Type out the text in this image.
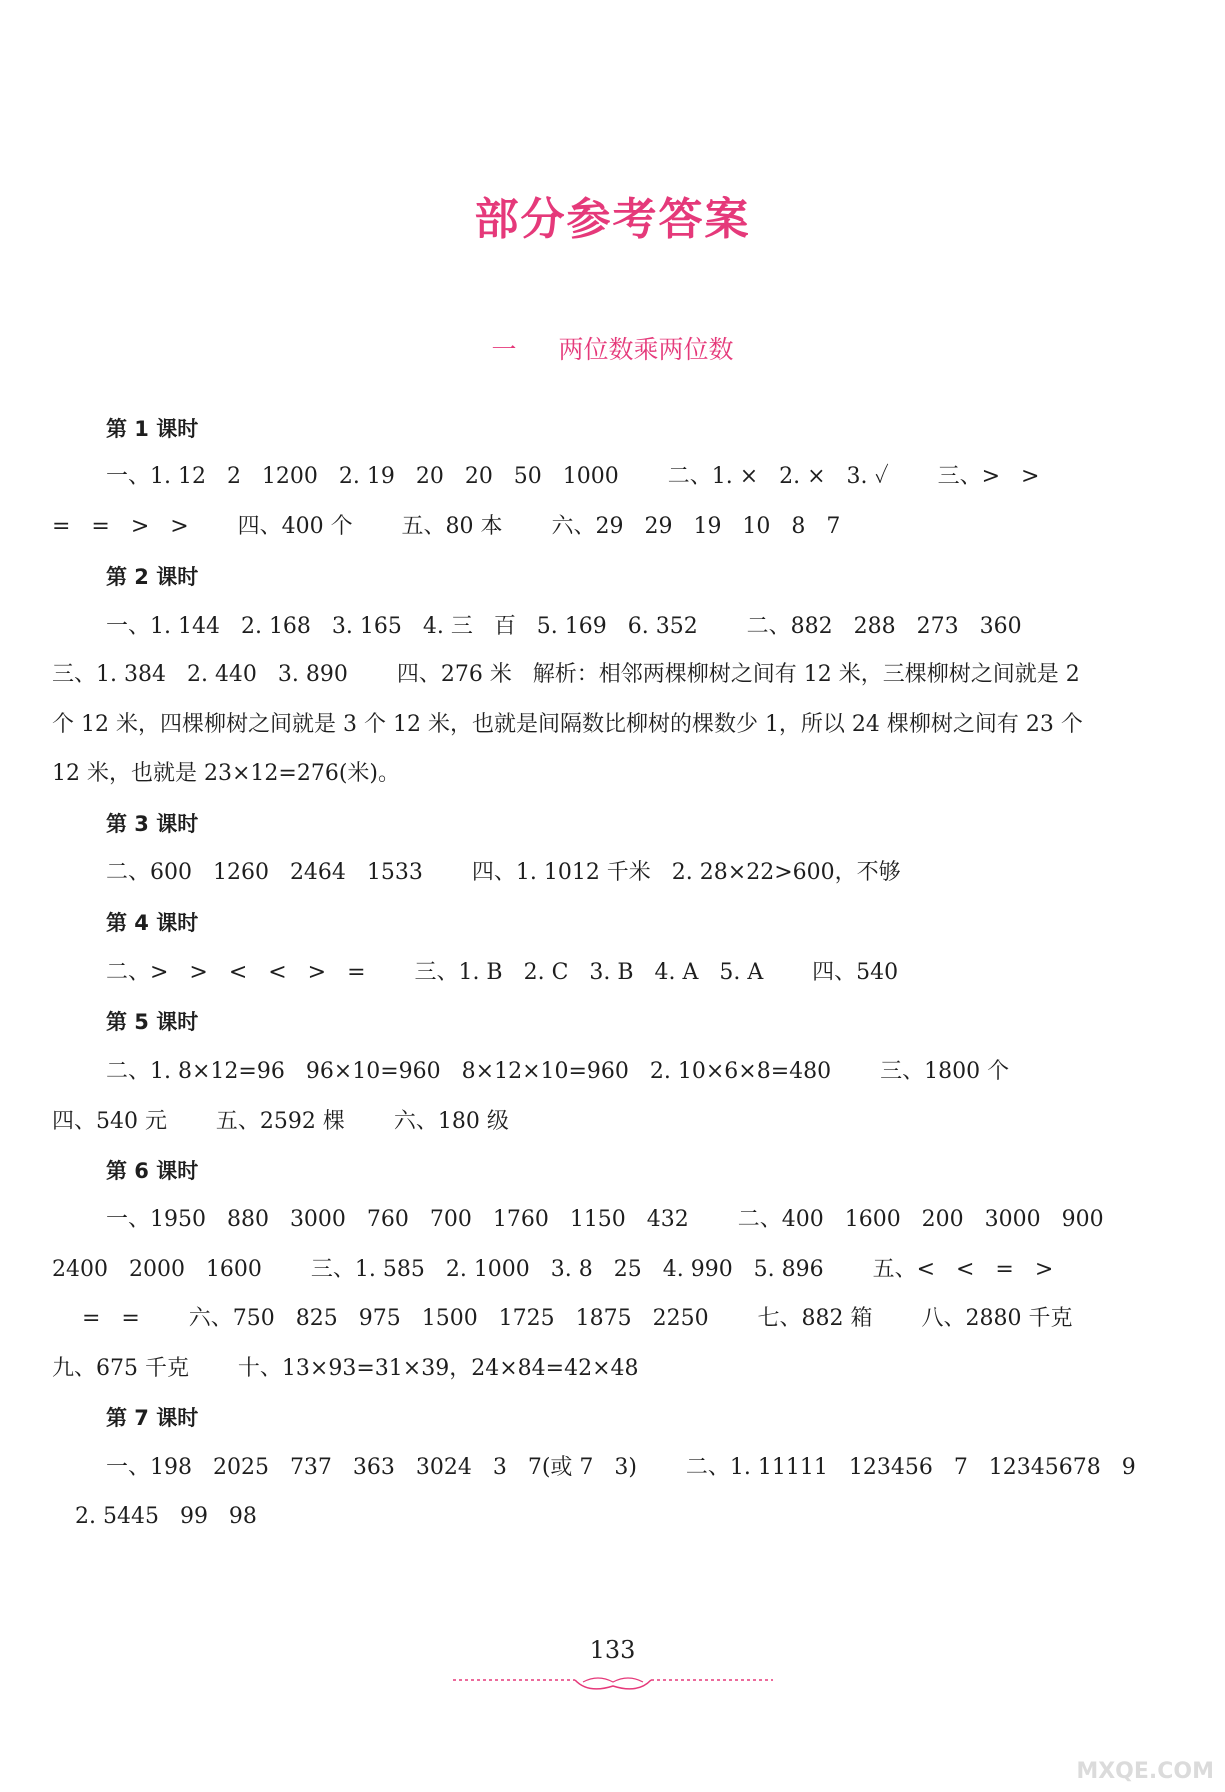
部分参考答案
一 两位数乘两位数
第 1 课时
一、1. 12   2   1200   2. 19   20   20   50   1000       二、1. ×   2. ×   3. ✓       三、>   >
=   =   >   >       四、400 个       五、80 本       六、29   29   19   10   8   7
第 2 课时
一、1. 144   2. 168   3. 165   4. 三   百   5. 169   6. 352       二、882   288   273   360
三、1. 384   2. 440   3. 890       四、276 米   解析：相邻两棵柳树之间有 12 米，三棵柳树之间就是 2
个 12 米，四棵柳树之间就是 3 个 12 米，也就是间隔数比柳树的棵数少 1，所以 24 棵柳树之间有 23 个
12 米，也就是 23×12=276(米)。
第 3 课时
二、600   1260   2464   1533       四、1. 1012 千米   2. 28×22>600，不够
第 4 课时
二、>   >   <   <   >   =       三、1. B   2. C   3. B   4. A   5. A       四、540
第 5 课时
二、1. 8×12=96   96×10=960   8×12×10=960   2. 10×6×8=480       三、1800 个
四、540 元       五、2592 棵       六、180 级
第 6 课时
一、1950   880   3000   760   700   1760   1150   432       二、400   1600   200   3000   900
2400   2000   1600       三、1. 585   2. 1000   3. 8   25   4. 990   5. 896       五、<   <   =   >
=   =       六、750   825   975   1500   1725   1875   2250       七、882 箱       八、2880 千克
九、675 千克       十、13×93=31×39，24×84=42×48
第 7 课时
一、198   2025   737   363   3024   3   7(或 7   3)       二、1. 11111   123456   7   12345678   9
2. 5445   99   98
133
MXQE.COM
